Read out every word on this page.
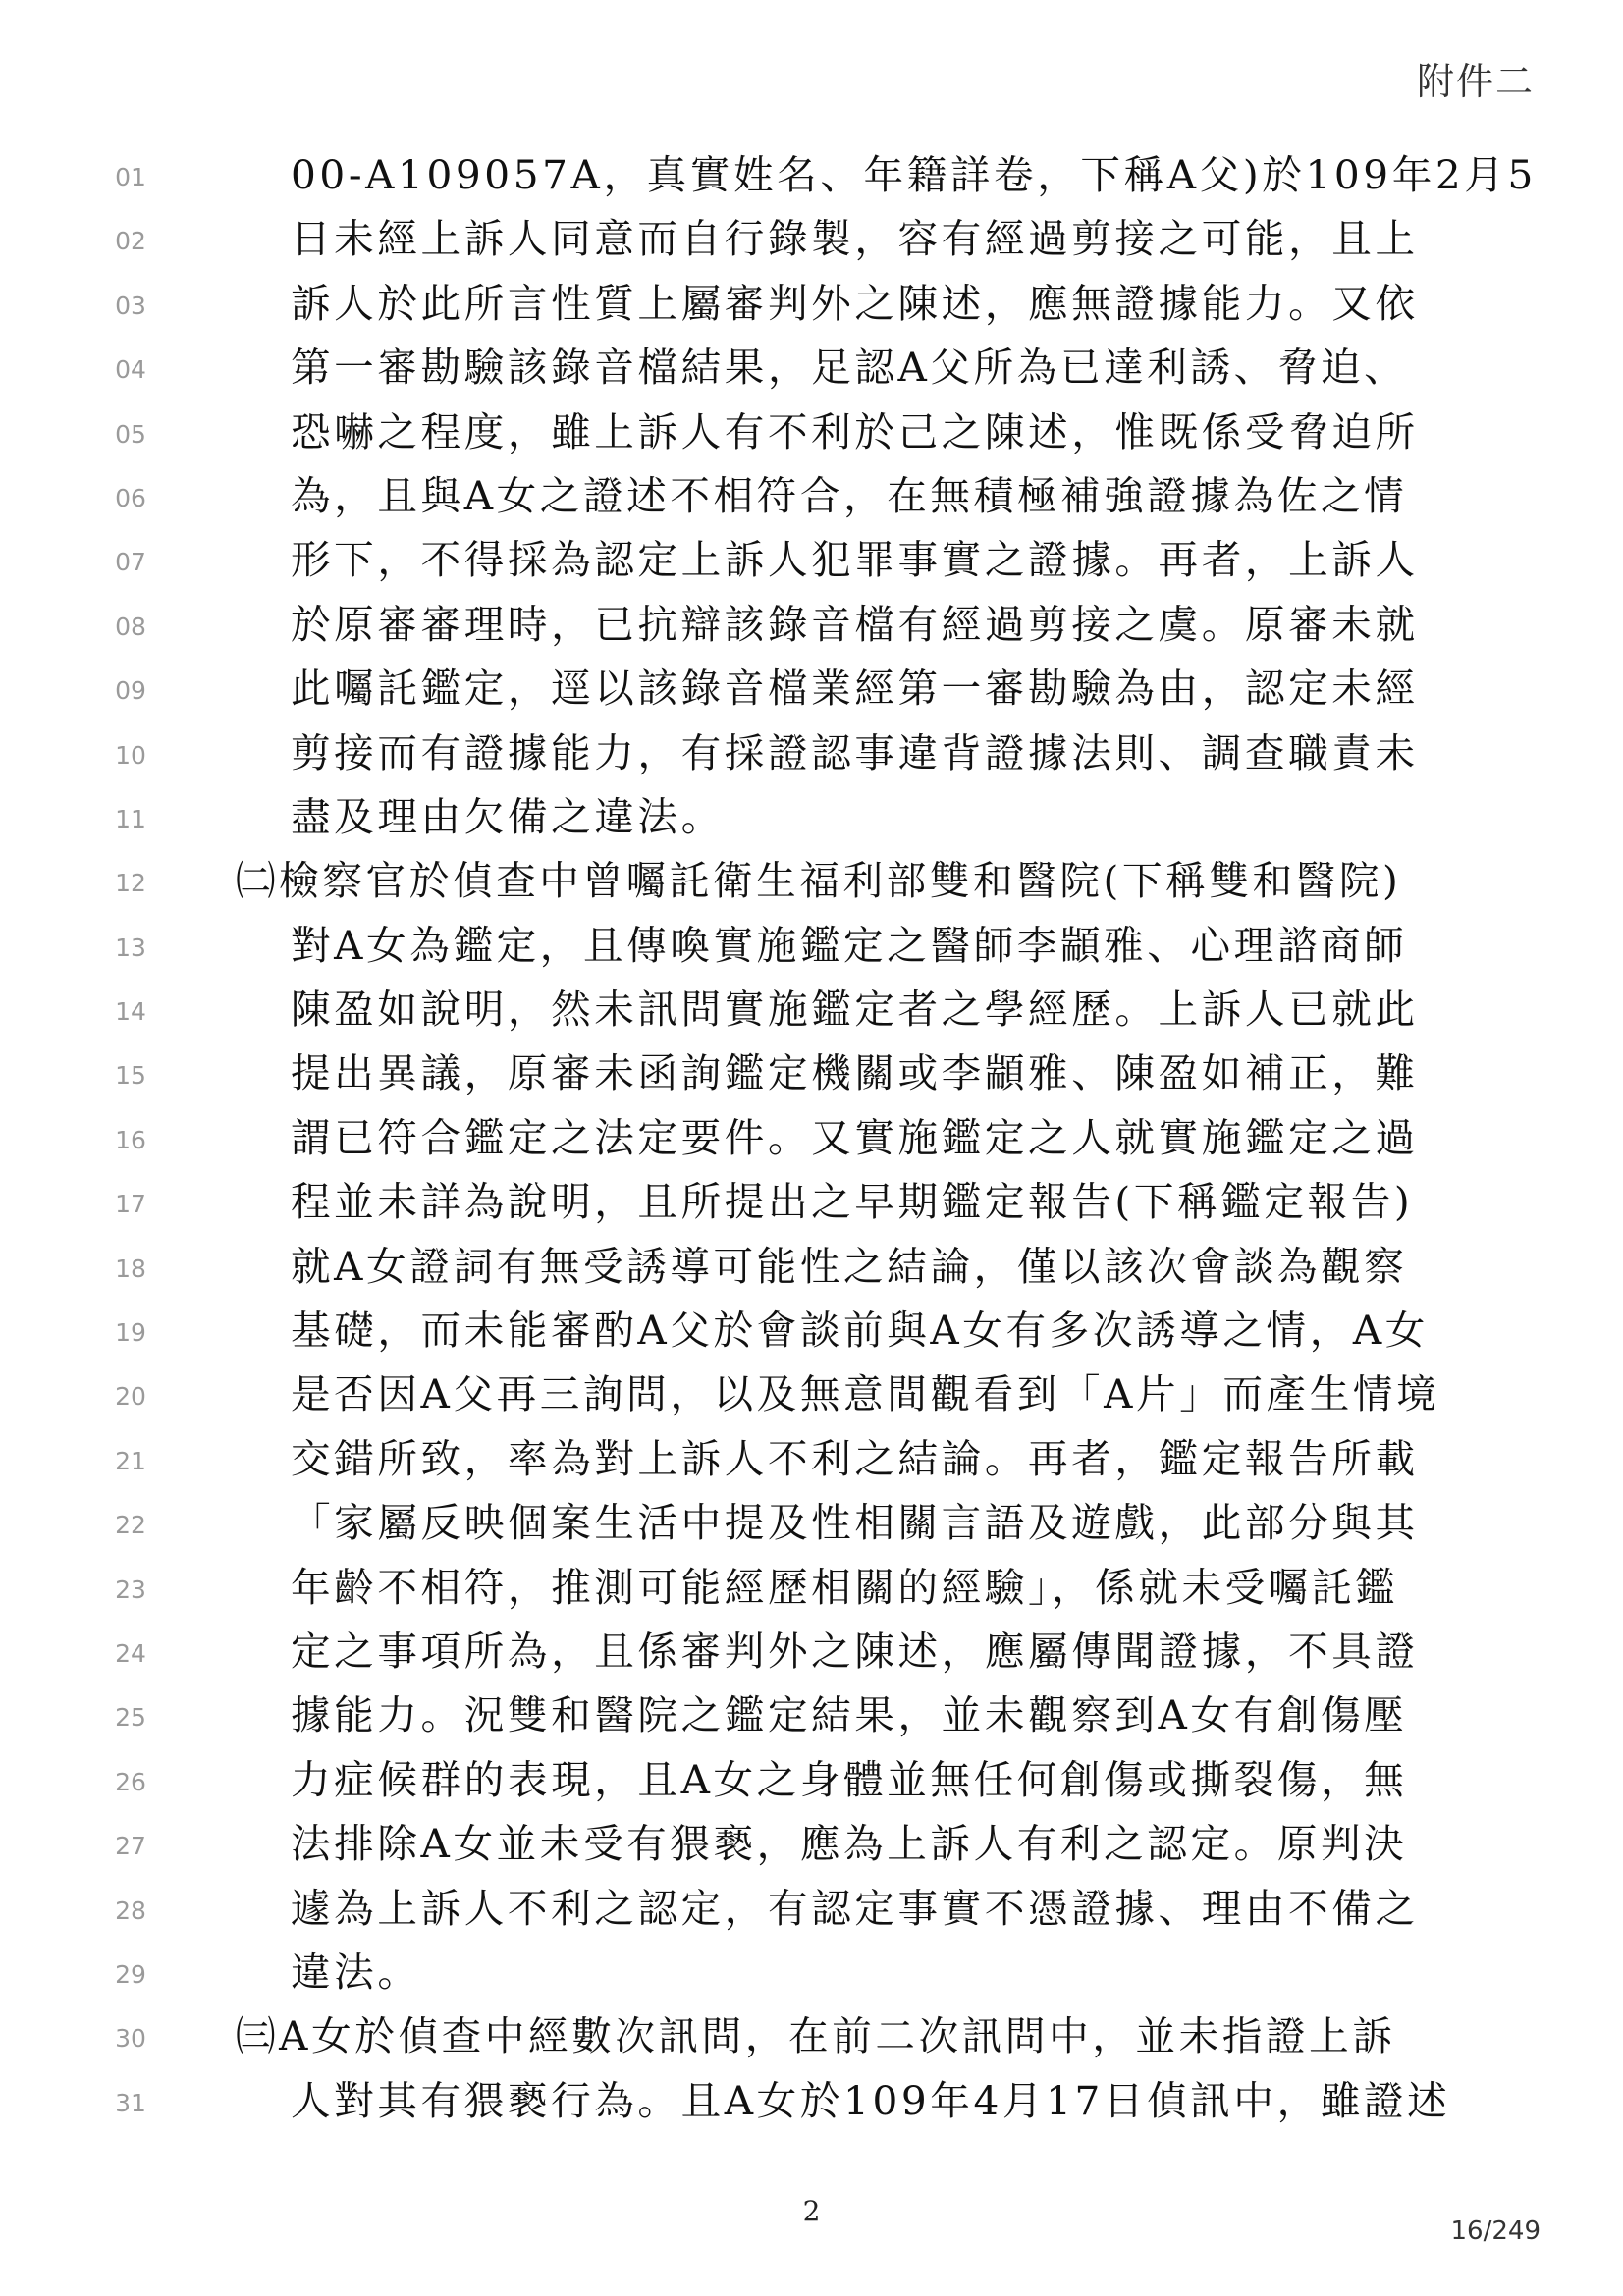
附件二
01	00-A109057A，真實姓名、年籍詳卷，下稱A父)於109年2月5
02	日未經上訴人同意而自行錄製，容有經過剪接之可能，且上
03	訴人於此所言性質上屬審判外之陳述，應無證據能力。又依
04	第一審勘驗該錄音檔結果，足認A父所為已達利誘、脅迫、
05	恐嚇之程度，雖上訴人有不利於己之陳述，惟既係受脅迫所
06	為，且與A女之證述不相符合，在無積極補強證據為佐之情
07	形下，不得採為認定上訴人犯罪事實之證據。再者，上訴人
08	於原審審理時，已抗辯該錄音檔有經過剪接之虞。原審未就
09	此囑託鑑定，逕以該錄音檔業經第一審勘驗為由，認定未經
10	剪接而有證據能力，有採證認事違背證據法則、調查職責未
11	盡及理由欠備之違法。
12 ㈡檢察官於偵查中曾囑託衛生福利部雙和醫院(下稱雙和醫院)
13	對A女為鑑定，且傳喚實施鑑定之醫師李顓雅、心理諮商師
14	陳盈如說明，然未訊問實施鑑定者之學經歷。上訴人已就此
15	提出異議，原審未函詢鑑定機關或李顓雅、陳盈如補正，難
16	謂已符合鑑定之法定要件。又實施鑑定之人就實施鑑定之過
17	程並未詳為說明，且所提出之早期鑑定報告(下稱鑑定報告)
18	就A女證詞有無受誘導可能性之結論，僅以該次會談為觀察
19	基礎，而未能審酌A父於會談前與A女有多次誘導之情，A女
20	是否因A父再三詢問，以及無意間觀看到「A片」而產生情境
21	交錯所致，率為對上訴人不利之結論。再者，鑑定報告所載
22	「家屬反映個案生活中提及性相關言語及遊戲，此部分與其
23	年齡不相符，推測可能經歷相關的經驗」，係就未受囑託鑑
24	定之事項所為，且係審判外之陳述，應屬傳聞證據，不具證
25	據能力。況雙和醫院之鑑定結果，並未觀察到A女有創傷壓
26	力症候群的表現，且A女之身體並無任何創傷或撕裂傷，無
27	法排除A女並未受有猥褻，應為上訴人有利之認定。原判決
28	遽為上訴人不利之認定，有認定事實不憑證據、理由不備之
29	違法。
30 ㈢A女於偵查中經數次訊問，在前二次訊問中，並未指證上訴
31	人對其有猥褻行為。且A女於109年4月17日偵訊中，雖證述
2
16/249
